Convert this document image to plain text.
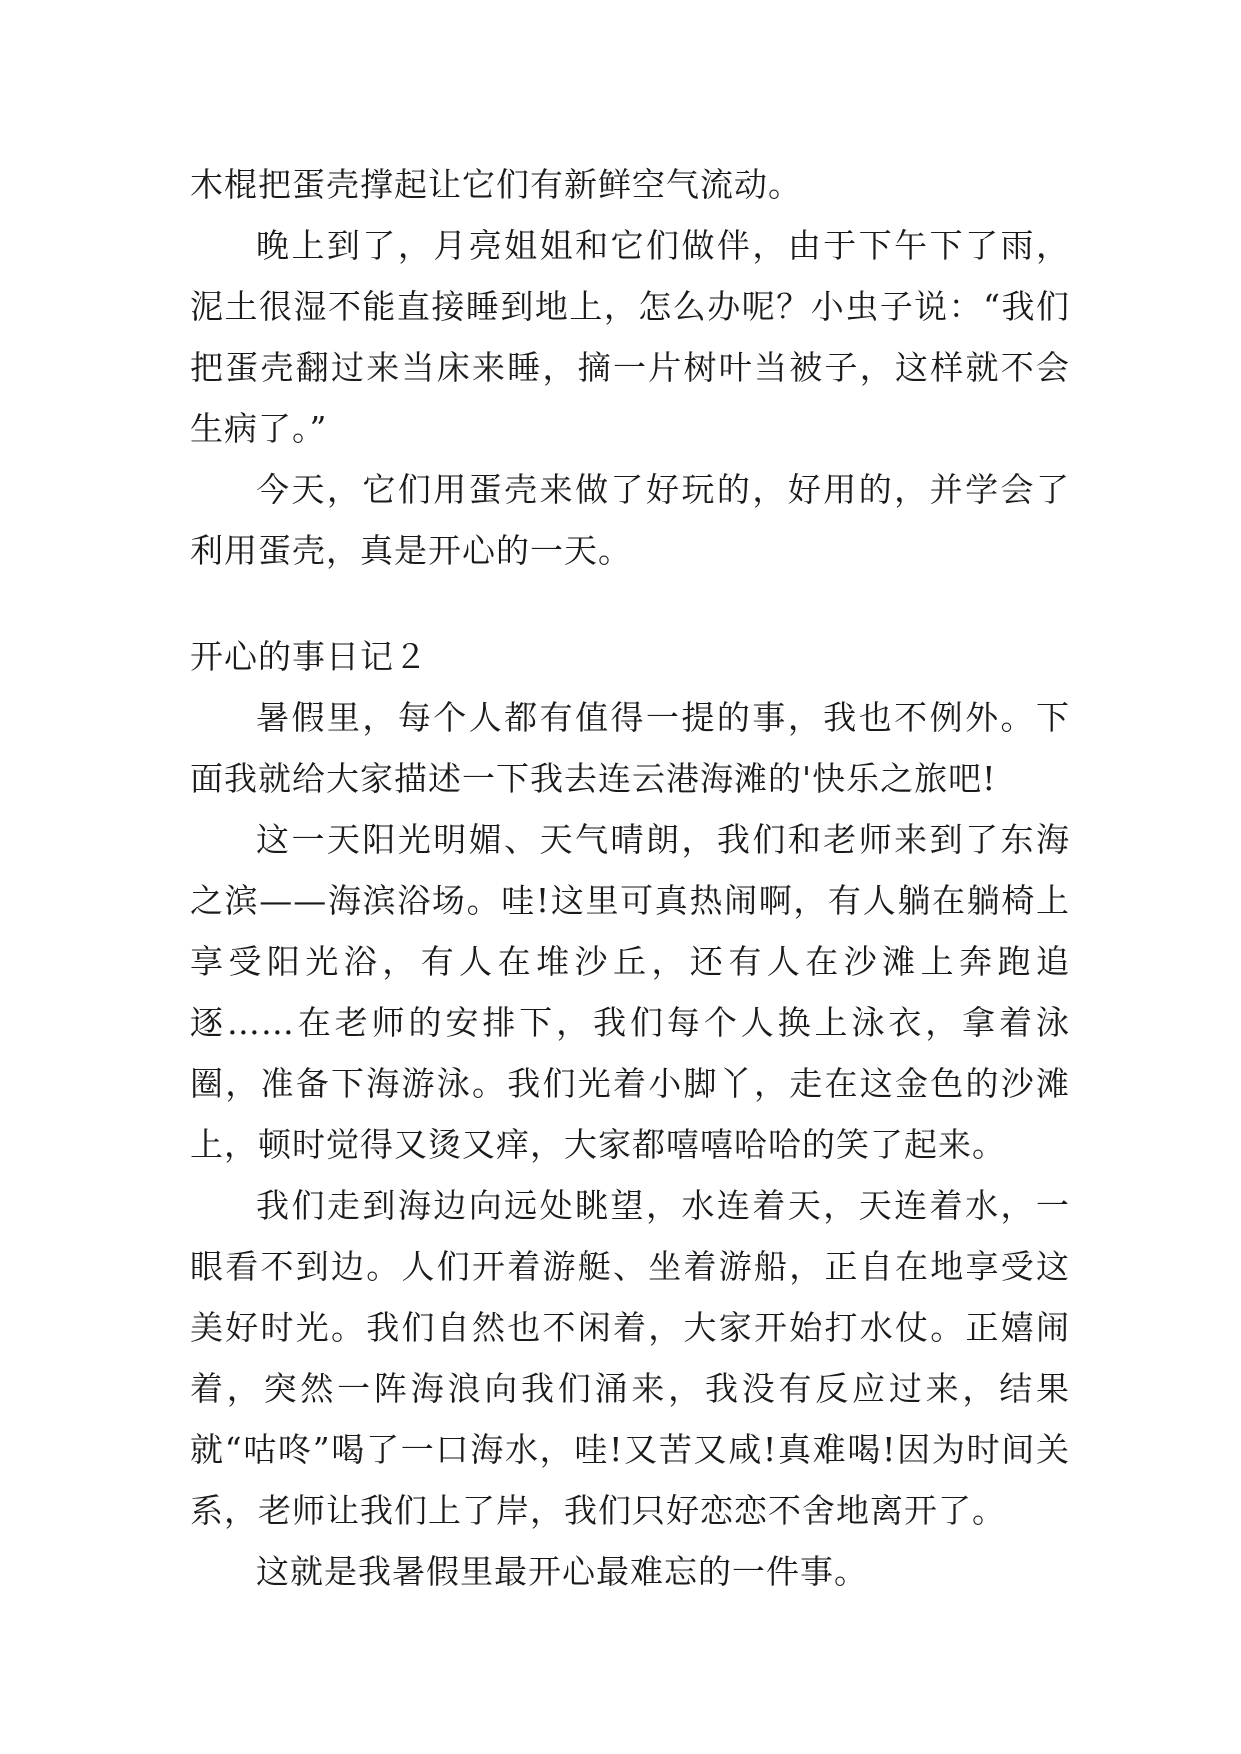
木棍把蛋壳撑起让它们有新鲜空气流动。

晚上到了，月亮姐姐和它们做伴，由于下午下了雨，泥土很湿不能直接睡到地上，怎么办呢？小虫子说：“我们把蛋壳翻过来当床来睡，摘一片树叶当被子，这样就不会生病了。”

今天，它们用蛋壳来做了好玩的，好用的，并学会了利用蛋壳，真是开心的一天。

开心的事日记２

暑假里，每个人都有值得一提的事，我也不例外。下面我就给大家描述一下我去连云港海滩的'快乐之旅吧!

这一天阳光明媚、天气晴朗，我们和老师来到了东海之滨——海滨浴场。哇!这里可真热闹啊，有人躺在躺椅上享受阳光浴，有人在堆沙丘，还有人在沙滩上奔跑追逐……在老师的安排下，我们每个人换上泳衣，拿着泳圈，准备下海游泳。我们光着小脚丫，走在这金色的沙滩上，顿时觉得又烫又痒，大家都嘻嘻哈哈的笑了起来。

我们走到海边向远处眺望，水连着天，天连着水，一眼看不到边。人们开着游艇、坐着游船，正自在地享受这美好时光。我们自然也不闲着，大家开始打水仗。正嬉闹着，突然一阵海浪向我们涌来，我没有反应过来，结果就“咕咚”喝了一口海水，哇!又苦又咸!真难喝!因为时间关系，老师让我们上了岸，我们只好恋恋不舍地离开了。

这就是我暑假里最开心最难忘的一件事。
